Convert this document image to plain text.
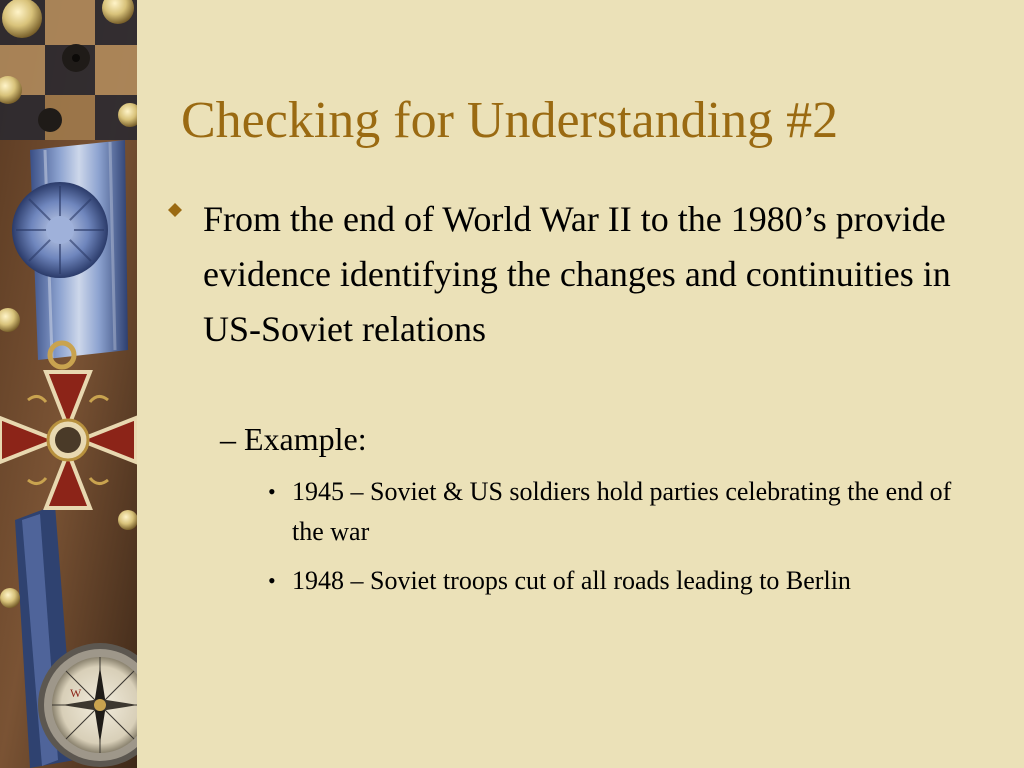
W
Checking for Understanding #2
From the end of World War II to the 1980’s provide evidence identifying the changes and continuities in US-Soviet relations
– Example:
• 1945 – Soviet & US soldiers hold parties celebrating the end of the war
• 1948 – Soviet troops cut of all roads leading to Berlin
